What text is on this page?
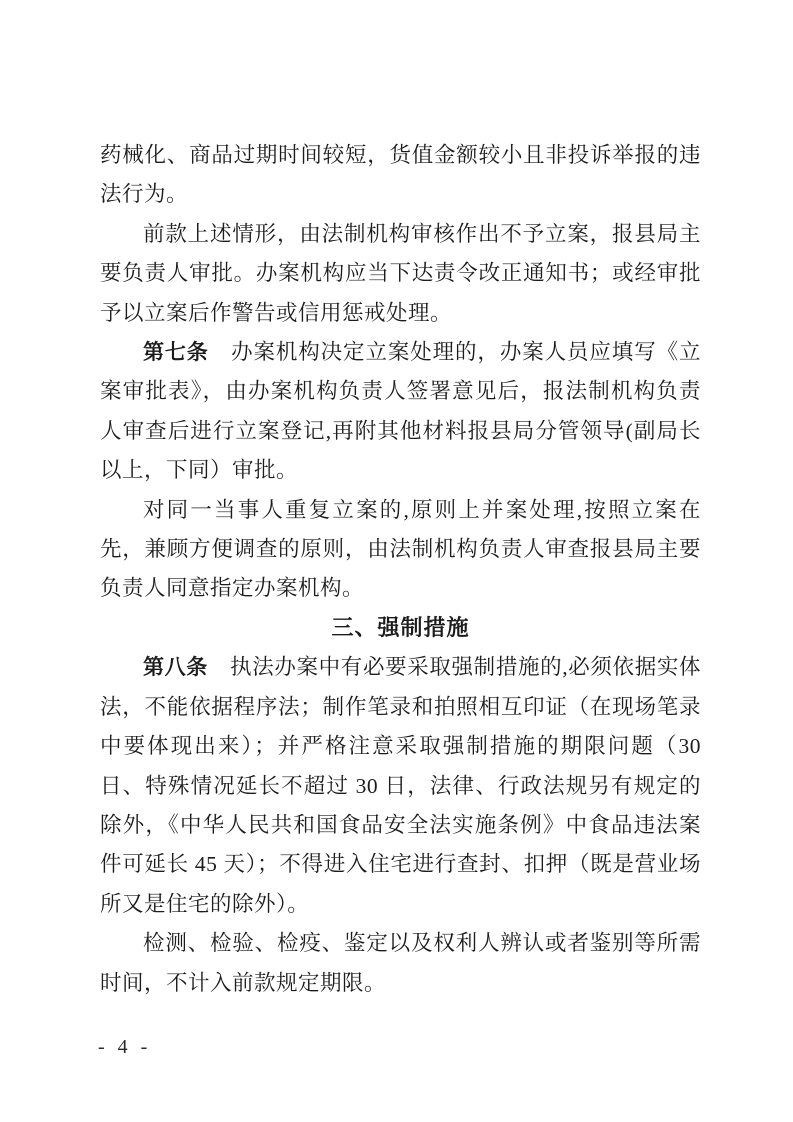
药械化、商品过期时间较短，货值金额较小且非投诉举报的违法行为。

前款上述情形，由法制机构审核作出不予立案，报县局主要负责人审批。办案机构应当下达责令改正通知书；或经审批予以立案后作警告或信用惩戒处理。

第七条　办案机构决定立案处理的，办案人员应填写《立案审批表》，由办案机构负责人签署意见后，报法制机构负责人审查后进行立案登记,再附其他材料报县局分管领导(副局长以上，下同）审批。

对同一当事人重复立案的,原则上并案处理,按照立案在先，兼顾方便调查的原则，由法制机构负责人审查报县局主要负责人同意指定办案机构。

三、强制措施

第八条　执法办案中有必要采取强制措施的,必须依据实体法，不能依据程序法；制作笔录和拍照相互印证（在现场笔录中要体现出来）；并严格注意采取强制措施的期限问题（30 日、特殊情况延长不超过 30 日，法律、行政法规另有规定的除外，《中华人民共和国食品安全法实施条例》中食品违法案件可延长 45 天）；不得进入住宅进行查封、扣押（既是营业场所又是住宅的除外）。

检测、检验、检疫、鉴定以及权利人辨认或者鉴别等所需时间，不计入前款规定期限。

- 4 -
